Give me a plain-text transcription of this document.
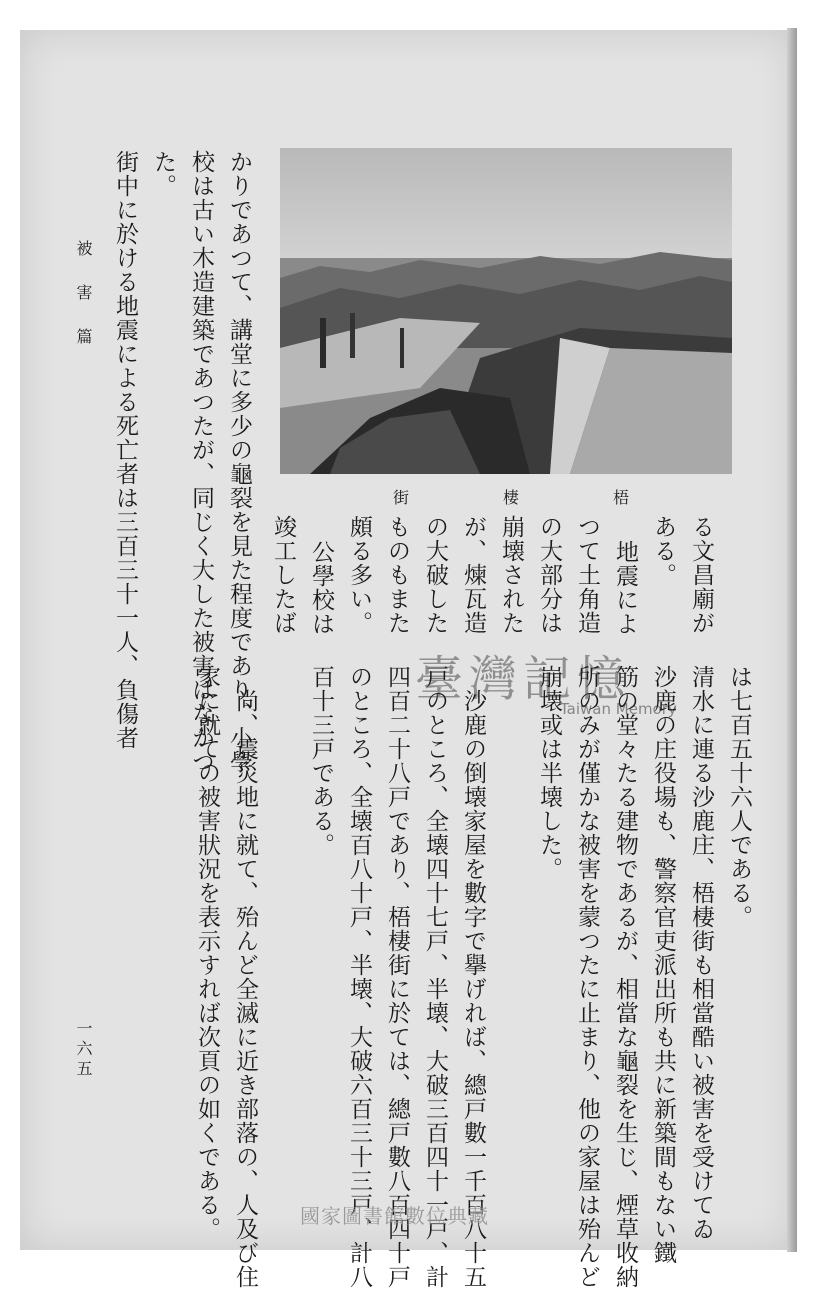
街	棲	梧
る文昌廟が
ある。
地震によ
つて土角造
の大部分は
崩壊された
が、煉瓦造
の大破した
ものもまた
頗る多い。
公學校は
竣工したば
かりであつて、講堂に多少の龜裂を見た程度であり、小學
校は古い木造建築であつたが、同じく大した被害はなかつ
た。
街中に於ける地震による死亡者は三百三十一人、負傷者
は七百五十六人である。
清水に連る沙鹿庄、梧棲街も相當酷い被害を受けてゐ
沙鹿の庄役場も、警察官吏派出所も共に新築間もない鐵
筋の堂々たる建物であるが、相當な龜裂を生じ、煙草收納
所のみが僅かな被害を蒙つたに止まり、他の家屋は殆んど
崩壊或は半壊した。
　沙鹿の倒壊家屋を數字で擧げれば、總戸數一千百八十五
戸のところ、全壊四十七戸、半壊、大破三百四十一戸、計
四百二十八戸であり、梧棲街に於ては、總戸數八百四十戸
のところ、全壊百八十戸、半壊、大破六百三十三戸、計八
百十三戸である。
　尚、震災地に就て、殆んど全滅に近き部落の、人及び住
家に就ての被害狀況を表示すれば次頁の如くである。
被害篇
一六五
臺灣記憶
Taiwan Memory
國家圖書館數位典藏
